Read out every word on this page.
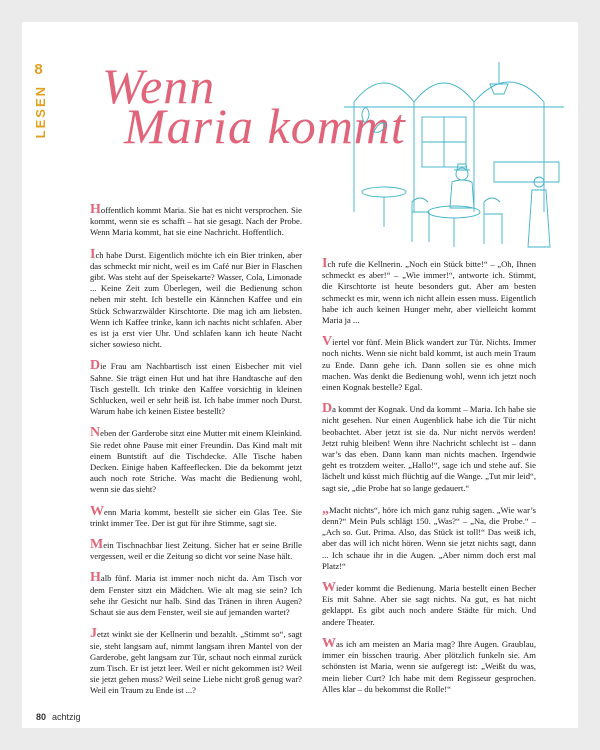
8
LESEN Wenn
Maria kommt

Hoffentlich kommt Maria. Sie hat es nicht versprochen. Sie kommt, wenn sie es schafft – hat sie gesagt. Nach der Probe. Wenn Maria kommt, hat sie eine Nachricht. Hoffentlich.

Ich habe Durst. Eigentlich möchte ich ein Bier trinken, aber das schmeckt mir nicht, weil es im Café nur Bier in Flaschen gibt. Was steht auf der Speisekarte? Wasser, Cola, Limonade ... Keine Zeit zum Überlegen, weil die Bedienung schon neben mir steht. Ich bestelle ein Kännchen Kaffee und ein Stück Schwarzwälder Kirschtorte. Die mag ich am liebsten. Wenn ich Kaffee trinke, kann ich nachts nicht schlafen. Aber es ist ja erst vier Uhr. Und schlafen kann ich heute Nacht sicher sowieso nicht.

Die Frau am Nachbartisch isst einen Eisbecher mit viel Sahne. Sie trägt einen Hut und hat ihre Handtasche auf den Tisch gestellt. Ich trinke den Kaffee vorsichtig in kleinen Schlucken, weil er sehr heiß ist. Ich habe immer noch Durst. Warum habe ich keinen Eistee bestellt?

Neben der Garderobe sitzt eine Mutter mit einem Kleinkind. Sie redet ohne Pause mit einer Freundin. Das Kind malt mit einem Buntstift auf die Tischdecke. Alle Tische haben Decken. Einige haben Kaffeeflecken. Die da bekommt jetzt auch noch rote Striche. Was macht die Bedienung wohl, wenn sie das sieht?

Wenn Maria kommt, bestellt sie sicher ein Glas Tee. Sie trinkt immer Tee. Der ist gut für ihre Stimme, sagt sie.

Mein Tischnachbar liest Zeitung. Sicher hat er seine Brille vergessen, weil er die Zeitung so dicht vor seine Nase hält.

Halb fünf. Maria ist immer noch nicht da. Am Tisch vor dem Fenster sitzt ein Mädchen. Wie alt mag sie sein? Ich sehe ihr Gesicht nur halb. Sind das Tränen in ihren Augen? Schaut sie aus dem Fenster, weil sie auf jemanden wartet?

Jetzt winkt sie der Kellnerin und bezahlt. „Stimmt so“, sagt sie, steht langsam auf, nimmt langsam ihren Mantel von der Garderobe, geht langsam zur Tür, schaut noch einmal zurück zum Tisch. Er ist jetzt leer. Weil er nicht gekommen ist? Weil sie jetzt gehen muss? Weil seine Liebe nicht groß genug war? Weil ein Traum zu Ende ist ...?

Ich rufe die Kellnerin. „Noch ein Stück bitte!“ – „Oh, Ihnen schmeckt es aber!“ – „Wie immer!“, antworte ich. Stimmt, die Kirschtorte ist heute besonders gut. Aber am besten schmeckt es mir, wenn ich nicht allein essen muss. Eigentlich habe ich auch keinen Hunger mehr, aber vielleicht kommt Maria ja ...

Viertel vor fünf. Mein Blick wandert zur Tür. Nichts. Immer noch nichts. Wenn sie nicht bald kommt, ist auch mein Traum zu Ende. Dann gehe ich. Dann sollen sie es ohne mich machen. Was denkt die Bedienung wohl, wenn ich jetzt noch einen Kognak bestelle? Egal.

Da kommt der Kognak. Und da kommt – Maria. Ich habe sie nicht gesehen. Nur einen Augenblick habe ich die Tür nicht beobachtet. Aber jetzt ist sie da. Nur nicht nervös werden! Jetzt ruhig bleiben! Wenn ihre Nachricht schlecht ist – dann war’s das eben. Dann kann man nichts machen. Irgendwie geht es trotzdem weiter. „Hallo!“, sage ich und stehe auf. Sie lächelt und küsst mich flüchtig auf die Wange. „Tut mir leid“, sagt sie, „die Probe hat so lange gedauert.“

„Macht nichts“, höre ich mich ganz ruhig sagen. „Wie war’s denn?“ Mein Puls schlägt 150. „Was?“ – „Na, die Probe.“ – „Ach so. Gut. Prima. Also, das Stück ist toll!“ Das weiß ich, aber das will ich nicht hören. Wenn sie jetzt nichts sagt, dann ... Ich schaue ihr in die Augen. „Aber nimm doch erst mal Platz!“

Wieder kommt die Bedienung. Maria bestellt einen Becher Eis mit Sahne. Aber sie sagt nichts. Na gut, es hat nicht geklappt. Es gibt auch noch andere Städte für mich. Und andere Theater.

Was ich am meisten an Maria mag? Ihre Augen. Graublau, immer ein bisschen traurig. Aber plötzlich funkeln sie. Am schönsten ist Maria, wenn sie aufgeregt ist: „Weißt du was, mein lieber Curt? Ich habe mit dem Regisseur gesprochen. Alles klar – du bekommst die Rolle!“

80 achtzig
